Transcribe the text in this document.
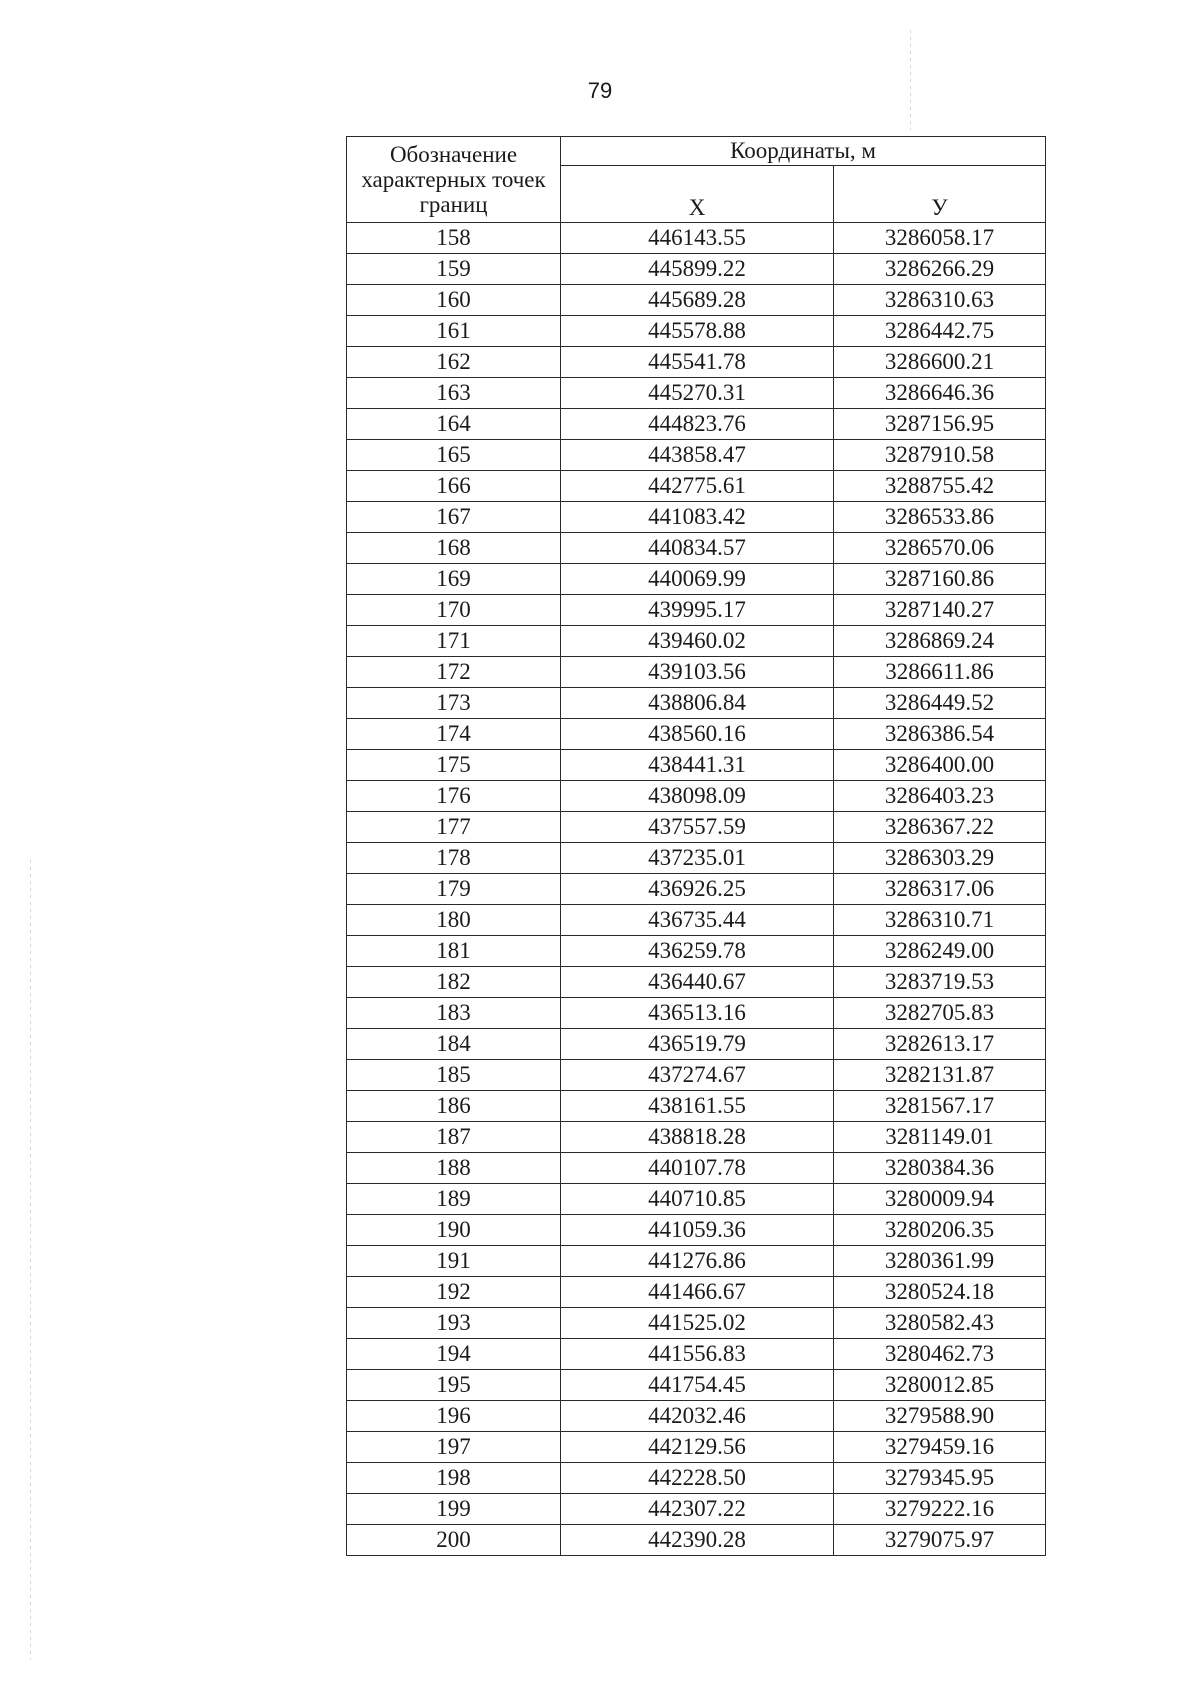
79
Обозначение характерных точек границ	Координаты, м	
	Х	У
158	446143.55	3286058.17
159	445899.22	3286266.29
160	445689.28	3286310.63
161	445578.88	3286442.75
162	445541.78	3286600.21
163	445270.31	3286646.36
164	444823.76	3287156.95
165	443858.47	3287910.58
166	442775.61	3288755.42
167	441083.42	3286533.86
168	440834.57	3286570.06
169	440069.99	3287160.86
170	439995.17	3287140.27
171	439460.02	3286869.24
172	439103.56	3286611.86
173	438806.84	3286449.52
174	438560.16	3286386.54
175	438441.31	3286400.00
176	438098.09	3286403.23
177	437557.59	3286367.22
178	437235.01	3286303.29
179	436926.25	3286317.06
180	436735.44	3286310.71
181	436259.78	3286249.00
182	436440.67	3283719.53
183	436513.16	3282705.83
184	436519.79	3282613.17
185	437274.67	3282131.87
186	438161.55	3281567.17
187	438818.28	3281149.01
188	440107.78	3280384.36
189	440710.85	3280009.94
190	441059.36	3280206.35
191	441276.86	3280361.99
192	441466.67	3280524.18
193	441525.02	3280582.43
194	441556.83	3280462.73
195	441754.45	3280012.85
196	442032.46	3279588.90
197	442129.56	3279459.16
198	442228.50	3279345.95
199	442307.22	3279222.16
200	442390.28	3279075.97
